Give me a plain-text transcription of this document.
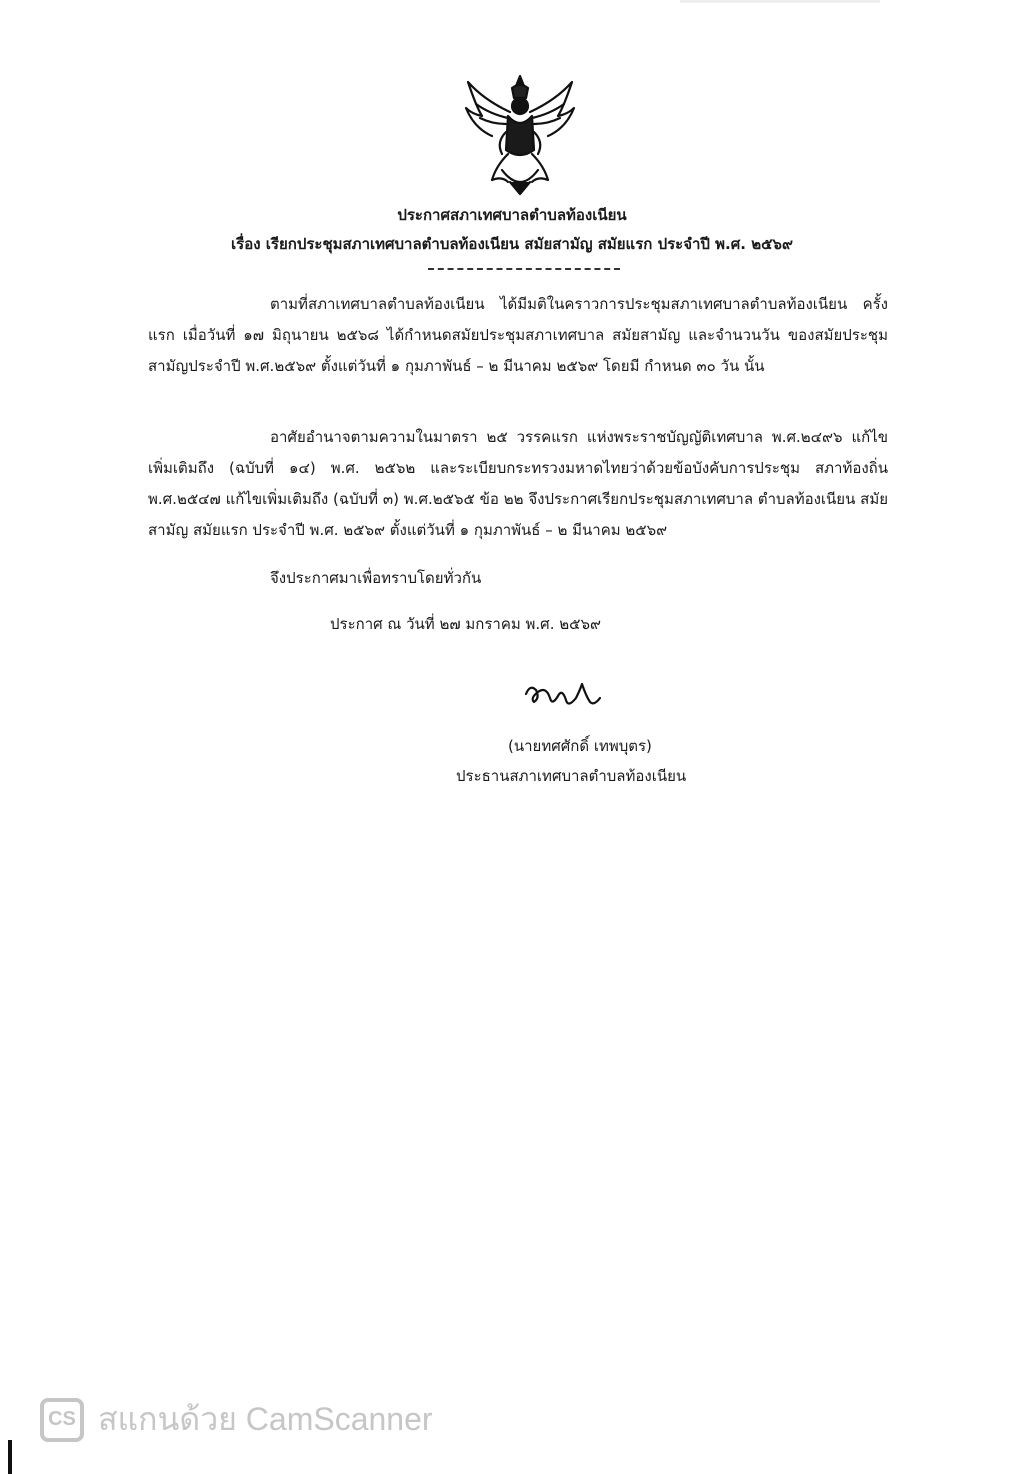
ประกาศสภาเทศบาลตำบลท้องเนียน
เรื่อง เรียกประชุมสภาเทศบาลตำบลท้องเนียน สมัยสามัญ สมัยแรก ประจำปี พ.ศ. ๒๕๖๙
ตามที่สภาเทศบาลตำบลท้องเนียน ได้มีมติในคราวการประชุมสภาเทศบาลตำบลท้องเนียน ครั้งแรก เมื่อวันที่ ๑๗ มิถุนายน ๒๕๖๘ ได้กำหนดสมัยประชุมสภาเทศบาล สมัยสามัญ และจำนวนวัน ของสมัยประชุมสามัญประจำปี พ.ศ.๒๕๖๙ ตั้งแต่วันที่ ๑ กุมภาพันธ์ – ๒ มีนาคม ๒๕๖๙ โดยมี กำหนด ๓๐ วัน นั้น
อาศัยอำนาจตามความในมาตรา ๒๕ วรรคแรก แห่งพระราชบัญญัติเทศบาล พ.ศ.๒๔๙๖ แก้ไขเพิ่มเติมถึง (ฉบับที่ ๑๔) พ.ศ. ๒๕๖๒ และระเบียบกระทรวงมหาดไทยว่าด้วยข้อบังคับการประชุม สภาท้องถิ่น พ.ศ.๒๕๔๗ แก้ไขเพิ่มเติมถึง (ฉบับที่ ๓) พ.ศ.๒๕๖๕ ข้อ ๒๒ จึงประกาศเรียกประชุมสภาเทศบาล ตำบลท้องเนียน สมัยสามัญ สมัยแรก ประจำปี พ.ศ. ๒๕๖๙ ตั้งแต่วันที่ ๑ กุมภาพันธ์ – ๒ มีนาคม ๒๕๖๙
จึงประกาศมาเพื่อทราบโดยทั่วกัน
ประกาศ ณ วันที่ ๒๗ มกราคม พ.ศ. ๒๕๖๙
(นายทศศักดิ์ เทพบุตร)
ประธานสภาเทศบาลตำบลท้องเนียน
CS สแกนด้วย CamScanner
